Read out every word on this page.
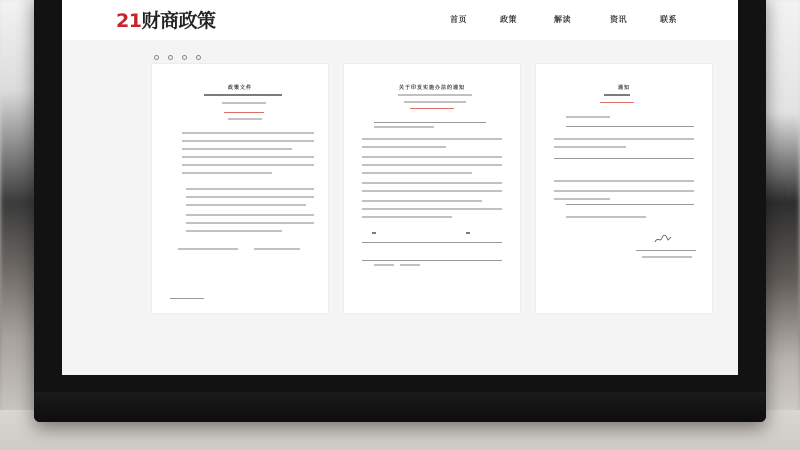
21财商政策	首页	政策	解读	资讯	联系
政策文件	关于印发实施办法的通知	通知
